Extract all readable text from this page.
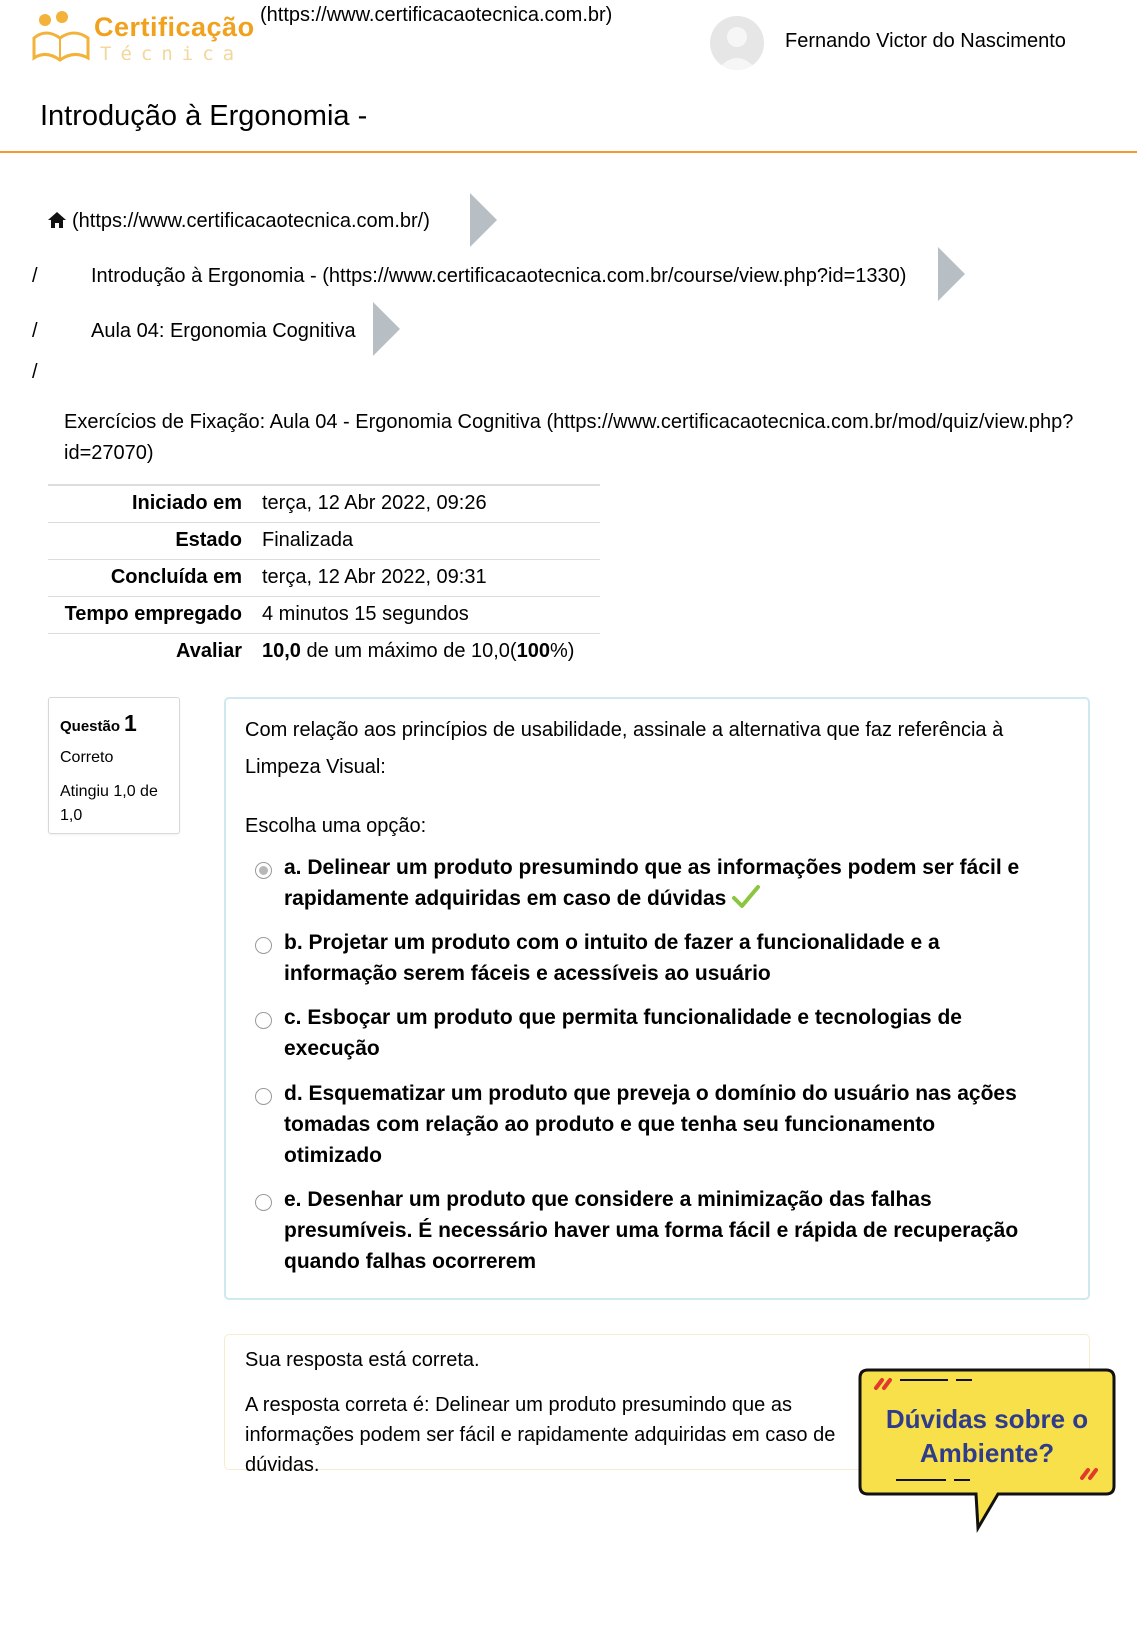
Certificação
Técnica
(https://www.certificacaotecnica.com.br)
Fernando Victor do Nascimento
Introdução à Ergonomia -
(https://www.certificacaotecnica.com.br/)
/	Introdução à Ergonomia - (https://www.certificacaotecnica.com.br/course/view.php?id=1330)
/	Aula 04: Ergonomia Cognitiva
/
Exercícios de Fixação: Aula 04 - Ergonomia Cognitiva (https://www.certificacaotecnica.com.br/mod/quiz/view.php?
id=27070)
Iniciado em	terça, 12 Abr 2022, 09:26
Estado	Finalizada
Concluída em	terça, 12 Abr 2022, 09:31
Tempo empregado	4 minutos 15 segundos
Avaliar	10,0 de um máximo de 10,0(100%)
Questão 1
Correto
Atingiu 1,0 de 1,0
Com relação aos princípios de usabilidade, assinale a alternativa que faz referência à Limpeza Visual:
Escolha uma opção:
a. Delinear um produto presumindo que as informações podem ser fácil e rapidamente adquiridas em caso de dúvidas
b. Projetar um produto com o intuito de fazer a funcionalidade e a informação serem fáceis e acessíveis ao usuário
c. Esboçar um produto que permita funcionalidade e tecnologias de execução
d. Esquematizar um produto que preveja o domínio do usuário nas ações tomadas com relação ao produto e que tenha seu funcionamento otimizado
e. Desenhar um produto que considere a minimização das falhas presumíveis. É necessário haver uma forma fácil e rápida de recuperação quando falhas ocorrerem
Sua resposta está correta.
A resposta correta é: Delinear um produto presumindo que as informações podem ser fácil e rapidamente adquiridas em caso de dúvidas.
Dúvidas sobre o Ambiente?
